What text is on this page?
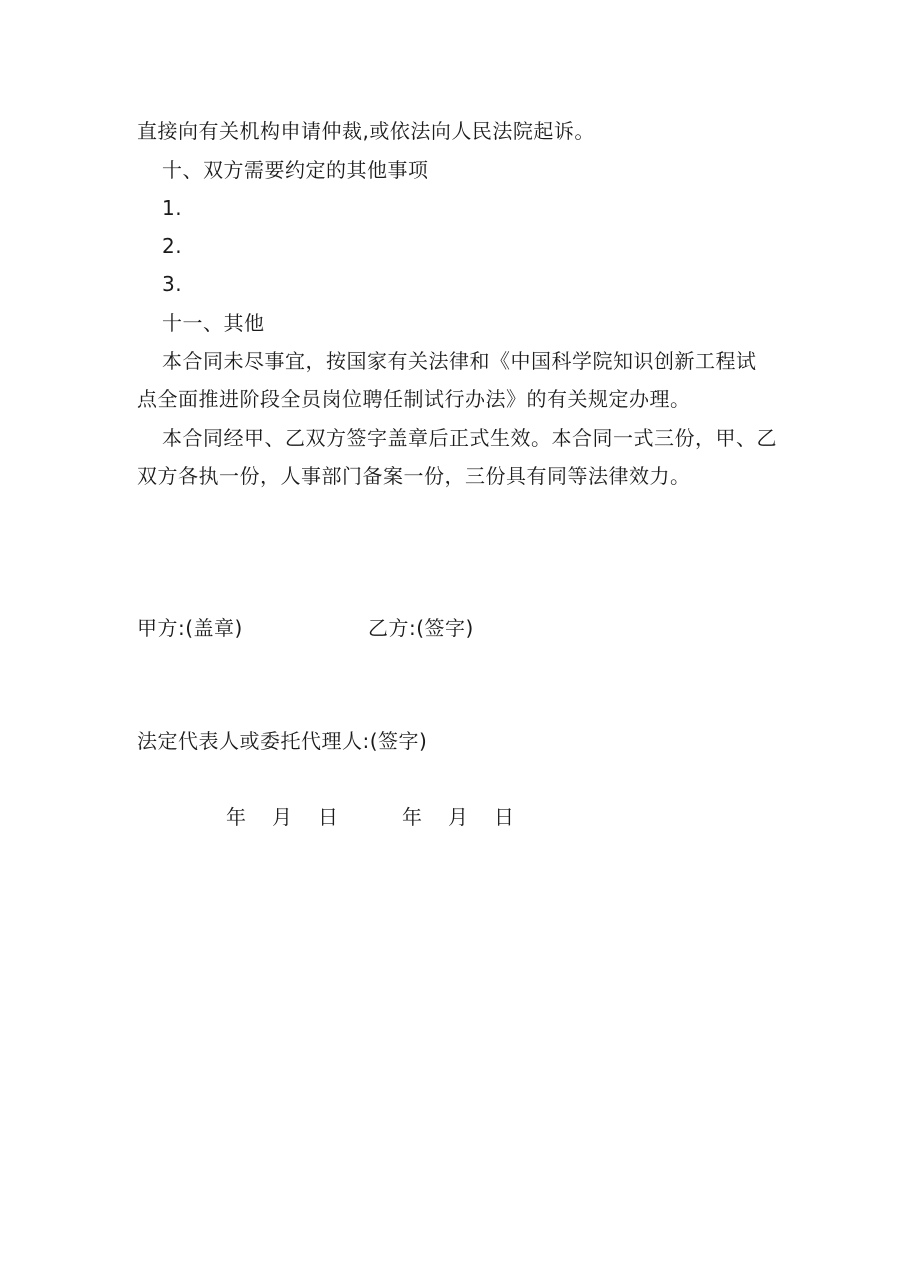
直接向有关机构申请仲裁,或依法向人民法院起诉。
十、双方需要约定的其他事项
1.
2.
3.
十一、其他
本合同未尽事宜，按国家有关法律和《中国科学院知识创新工程试
点全面推进阶段全员岗位聘任制试行办法》的有关规定办理。
本合同经甲、乙双方签字盖章后正式生效。本合同一式三份，甲、乙
双方各执一份，人事部门备案一份，三份具有同等法律效力。
甲方:(盖章)	乙方:(签字)
法定代表人或委托代理人:(签字)
年 月 日	年 月 日
